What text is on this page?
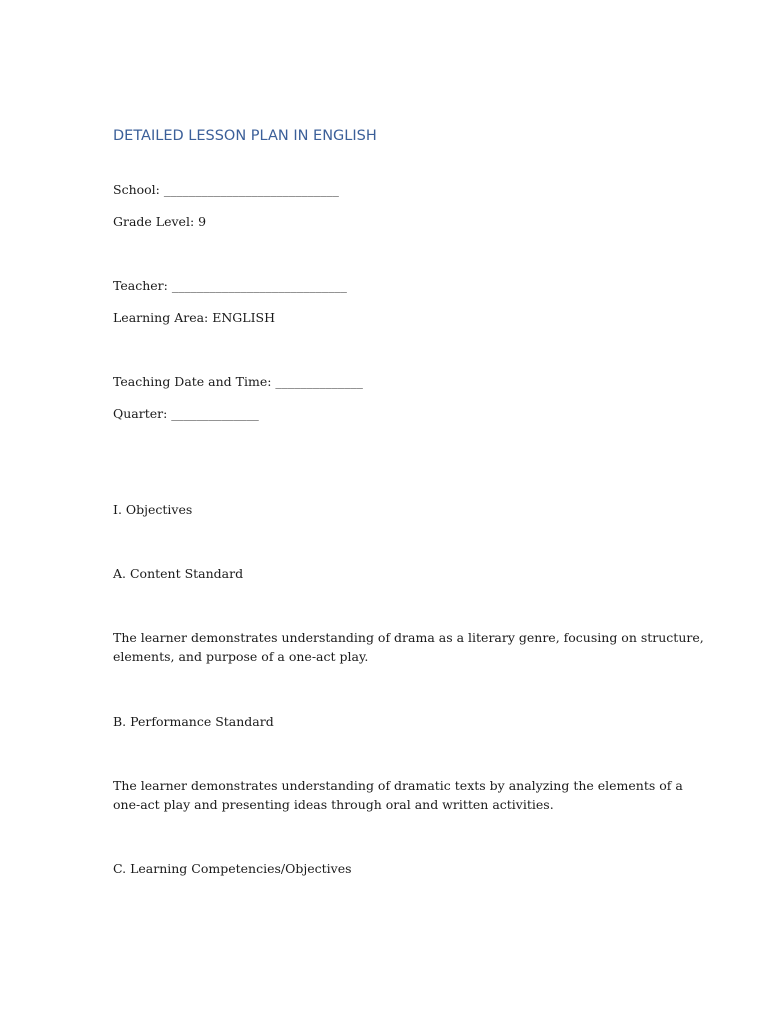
DETAILED LESSON PLAN IN ENGLISH

School: ____________________________

Grade Level: 9

Teacher: ____________________________

Learning Area: ENGLISH

Teaching Date and Time: ______________

Quarter: ______________

I. Objectives

A. Content Standard

The learner demonstrates understanding of drama as a literary genre, focusing on structure,
elements, and purpose of a one-act play.

B. Performance Standard

The learner demonstrates understanding of dramatic texts by analyzing the elements of a
one-act play and presenting ideas through oral and written activities.

C. Learning Competencies/Objectives
